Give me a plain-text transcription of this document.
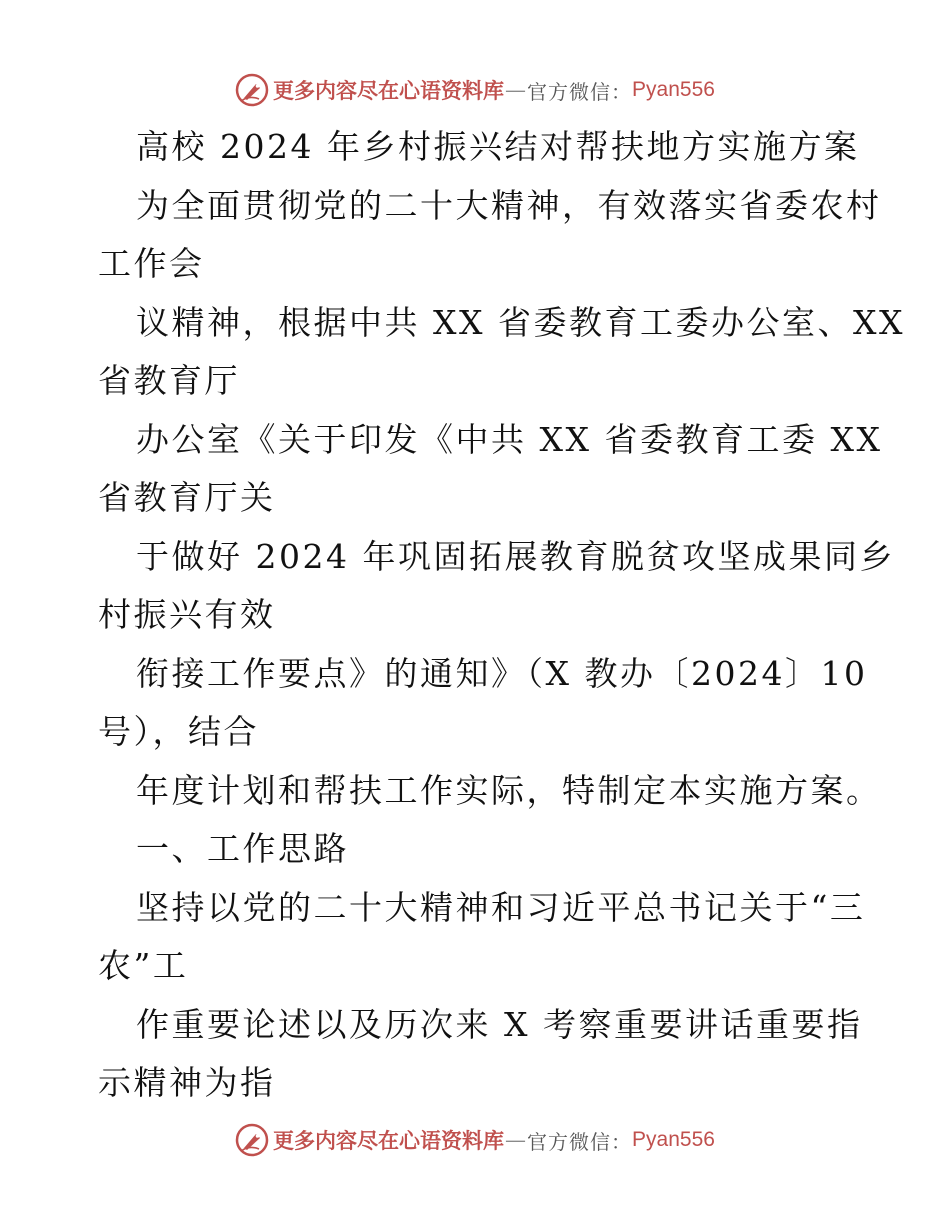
更多内容尽在心语资料库 — 官方微信： Pyan556
高校 2024 年乡村振兴结对帮扶地方实施方案
为全面贯彻党的二十大精神，有效落实省委农村
工作会
议精神，根据中共 XX 省委教育工委办公室、XX
省教育厅
办公室《关于印发《中共 XX 省委教育工委 XX
省教育厅关
于做好 2024 年巩固拓展教育脱贫攻坚成果同乡
村振兴有效
衔接工作要点》的通知》（X 教办〔2024〕10
号），结合
年度计划和帮扶工作实际，特制定本实施方案。
一、工作思路
坚持以党的二十大精神和习近平总书记关于“三
农”工
作重要论述以及历次来 X 考察重要讲话重要指
示精神为指
更多内容尽在心语资料库 — 官方微信： Pyan556
